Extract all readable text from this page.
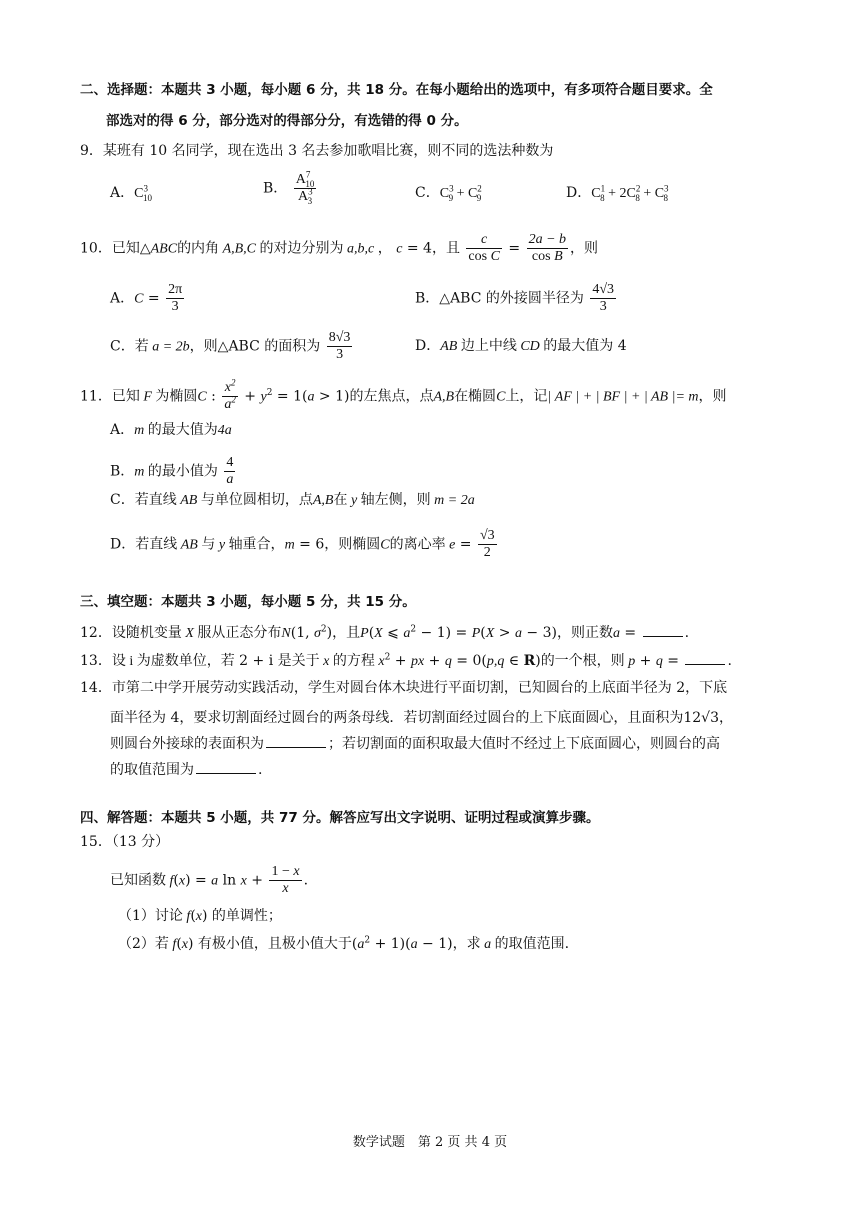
二、选择题：本题共 3 小题，每小题 6 分，共 18 分。在每小题给出的选项中，有多项符合题目要求。全
部选对的得 6 分，部分选对的得部分分，有选错的得 0 分。
9．某班有 10 名同学，现在选出 3 名去参加歌唱比赛，则不同的选法种数为
A．$C^3_{10}$
B． $\frac{A^7_{10}}{A^3_3}$	C．$C^3_9 + C^2_9$	D．$C^1_8 + 2C^2_8 + C^3_8$
10．已知△ABC的内角 A,B,C 的对边分别为 a,b,c ， c = 4，且 $\frac{c}{\text{cos C}} = \frac{2a - b}{\text{cos B}}$ ，则
A．$C = \frac{2\pi}{3}$	B．△ABC 的外接圆半径为 $\frac{4√3}{3}$
C．若 a = 2b，则△ABC 的面积为 $\frac{8√3}{3}$	D．AB 边上中线 CD 的最大值为 4
11．已知 F 为椭圆C : $\frac{x^2}{a^2} + y^2 = 1(a > 1)$的左焦点，点A,B在椭圆C上，记| AF | + | BF | + | AB |= m，则
A．m 的最大值为4a
B．m 的最小值为 $\frac{4}{a}$
C．若直线 AB 与单位圆相切，点A,B在 y 轴左侧，则 m = 2a
D．若直线 AB 与 y 轴重合，m = 6，则椭圆C的离心率 $e = \frac{√3}{2}$
三、填空题：本题共 3 小题，每小题 5 分，共 15 分。
12．设随机变量 X 服从正态分布N(1, $\sigma^2$)，且P(X ⩽ $a^2 - 1) = P(X > a - 3)$，则正数a =	.
13．设 i 为虚数单位，若 2 + i 是关于 x 的方程 $x^2$ + px + q = 0(p,q ∈ R)的一个根，则 p + q =	.
14．市第二中学开展劳动实践活动，学生对圆台体木块进行平面切割，已知圆台的上底面半径为 2，下底
面半径为 4，要求切割面经过圆台的两条母线．若切割面经过圆台的上下底面圆心，且面积为12√3，
则圆台外接球的表面积为	；若切割面的面积取最大值时不经过上下底面圆心，则圆台的高
的取值范围为	.
四、解答题：本题共 5 小题，共 77 分。解答应写出文字说明、证明过程或演算步骤。
15．（13 分）
已知函数 f(x) = a $\ln x + \frac{1 - x}{x}$ .
（1）讨论 f(x) 的单调性；
（2）若 f(x) 有极小值，且极小值大于$(a^2 + 1)(a - 1)$，求 a 的取值范围.
数学试题　第 2 页 共 4 页
